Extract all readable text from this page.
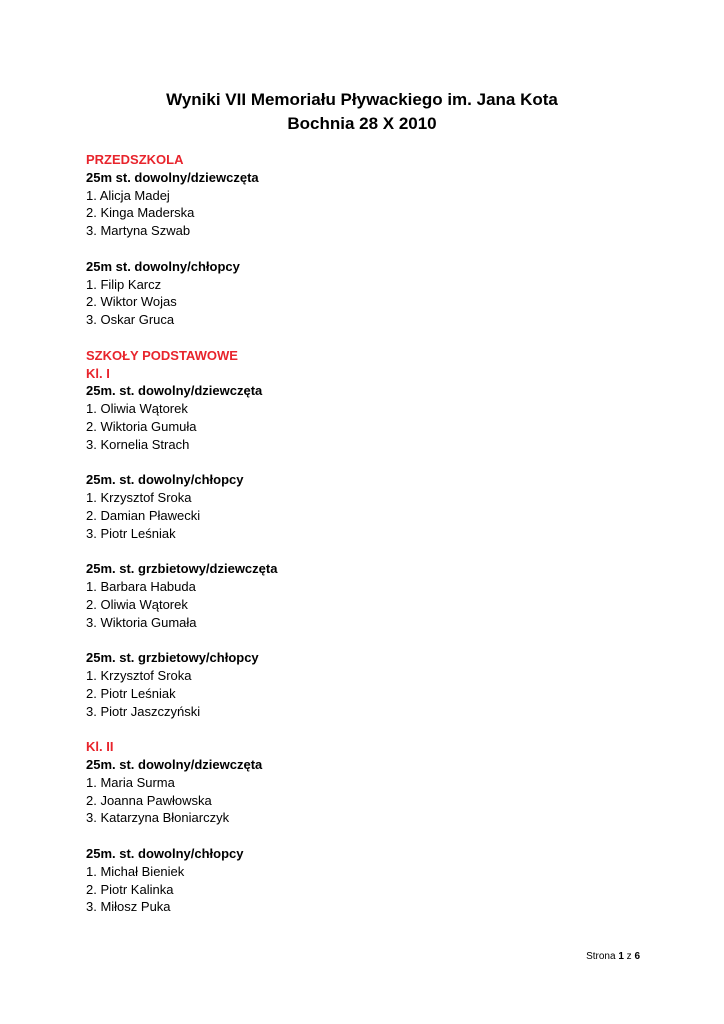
Wyniki VII Memoriału Pływackiego im. Jana Kota
Bochnia 28 X 2010
PRZEDSZKOLA
25m st. dowolny/dziewczęta
1. Alicja Madej
2. Kinga Maderska
3. Martyna Szwab
25m st. dowolny/chłopcy
1. Filip Karcz
2. Wiktor Wojas
3. Oskar Gruca
SZKOŁY PODSTAWOWE
Kl. I
25m. st. dowolny/dziewczęta
1. Oliwia Wątorek
2. Wiktoria Gumuła
3. Kornelia Strach
25m. st. dowolny/chłopcy
1. Krzysztof Sroka
2. Damian Pławecki
3. Piotr Leśniak
25m. st. grzbietowy/dziewczęta
1. Barbara Habuda
2. Oliwia Wątorek
3. Wiktoria Gumała
25m. st. grzbietowy/chłopcy
1. Krzysztof Sroka
2. Piotr Leśniak
3. Piotr Jaszczyński
Kl. II
25m. st. dowolny/dziewczęta
1. Maria Surma
2. Joanna Pawłowska
3. Katarzyna Błoniarczyk
25m. st. dowolny/chłopcy
1. Michał Bieniek
2. Piotr Kalinka
3. Miłosz Puka
Strona 1 z 6
